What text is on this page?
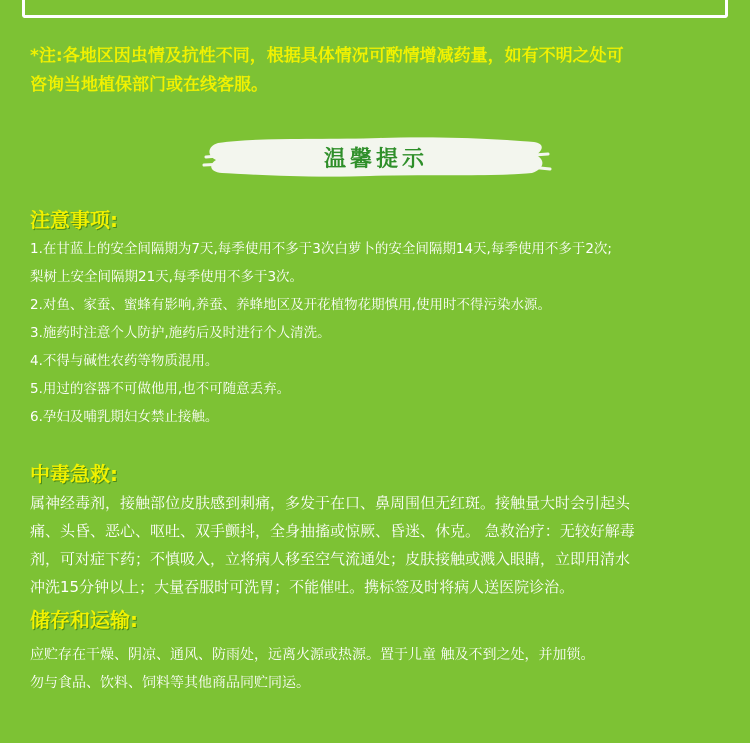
*注:各地区因虫情及抗性不同，根据具体情况可酌情增减药量，如有不明之处可
咨询当地植保部门或在线客服。
温馨提示
注意事项:
1.在甘蓝上的安全间隔期为7天,每季使用不多于3次白萝卜的安全间隔期14天,每季使用不多于2次;
梨树上安全间隔期21天,每季使用不多于3次。
2.对鱼、家蚕、蜜蜂有影响,养蚕、养蜂地区及开花植物花期慎用,使用时不得污染水源。
3.施药时注意个人防护,施药后及时进行个人清洗。
4.不得与碱性农药等物质混用。
5.用过的容器不可做他用,也不可随意丢弃。
6.孕妇及哺乳期妇女禁止接触。
中毒急救:
属神经毒剂，接触部位皮肤感到刺痛，多发于在口、鼻周围但无红斑。接触量大时会引起头
痛、头昏、恶心、呕吐、双手颤抖，全身抽搐或惊厥、昏迷、休克。 急救治疗：无较好解毒
剂，可对症下药；不慎吸入，立将病人移至空气流通处；皮肤接触或溅入眼睛，立即用清水
冲洗15分钟以上；大量吞服时可洗胃；不能催吐。携标签及时将病人送医院诊治。
储存和运输:
应贮存在干燥、阴凉、通风、防雨处，远离火源或热源。置于儿童 触及不到之处，并加锁。
勿与食品、饮料、饲料等其他商品同贮同运。
